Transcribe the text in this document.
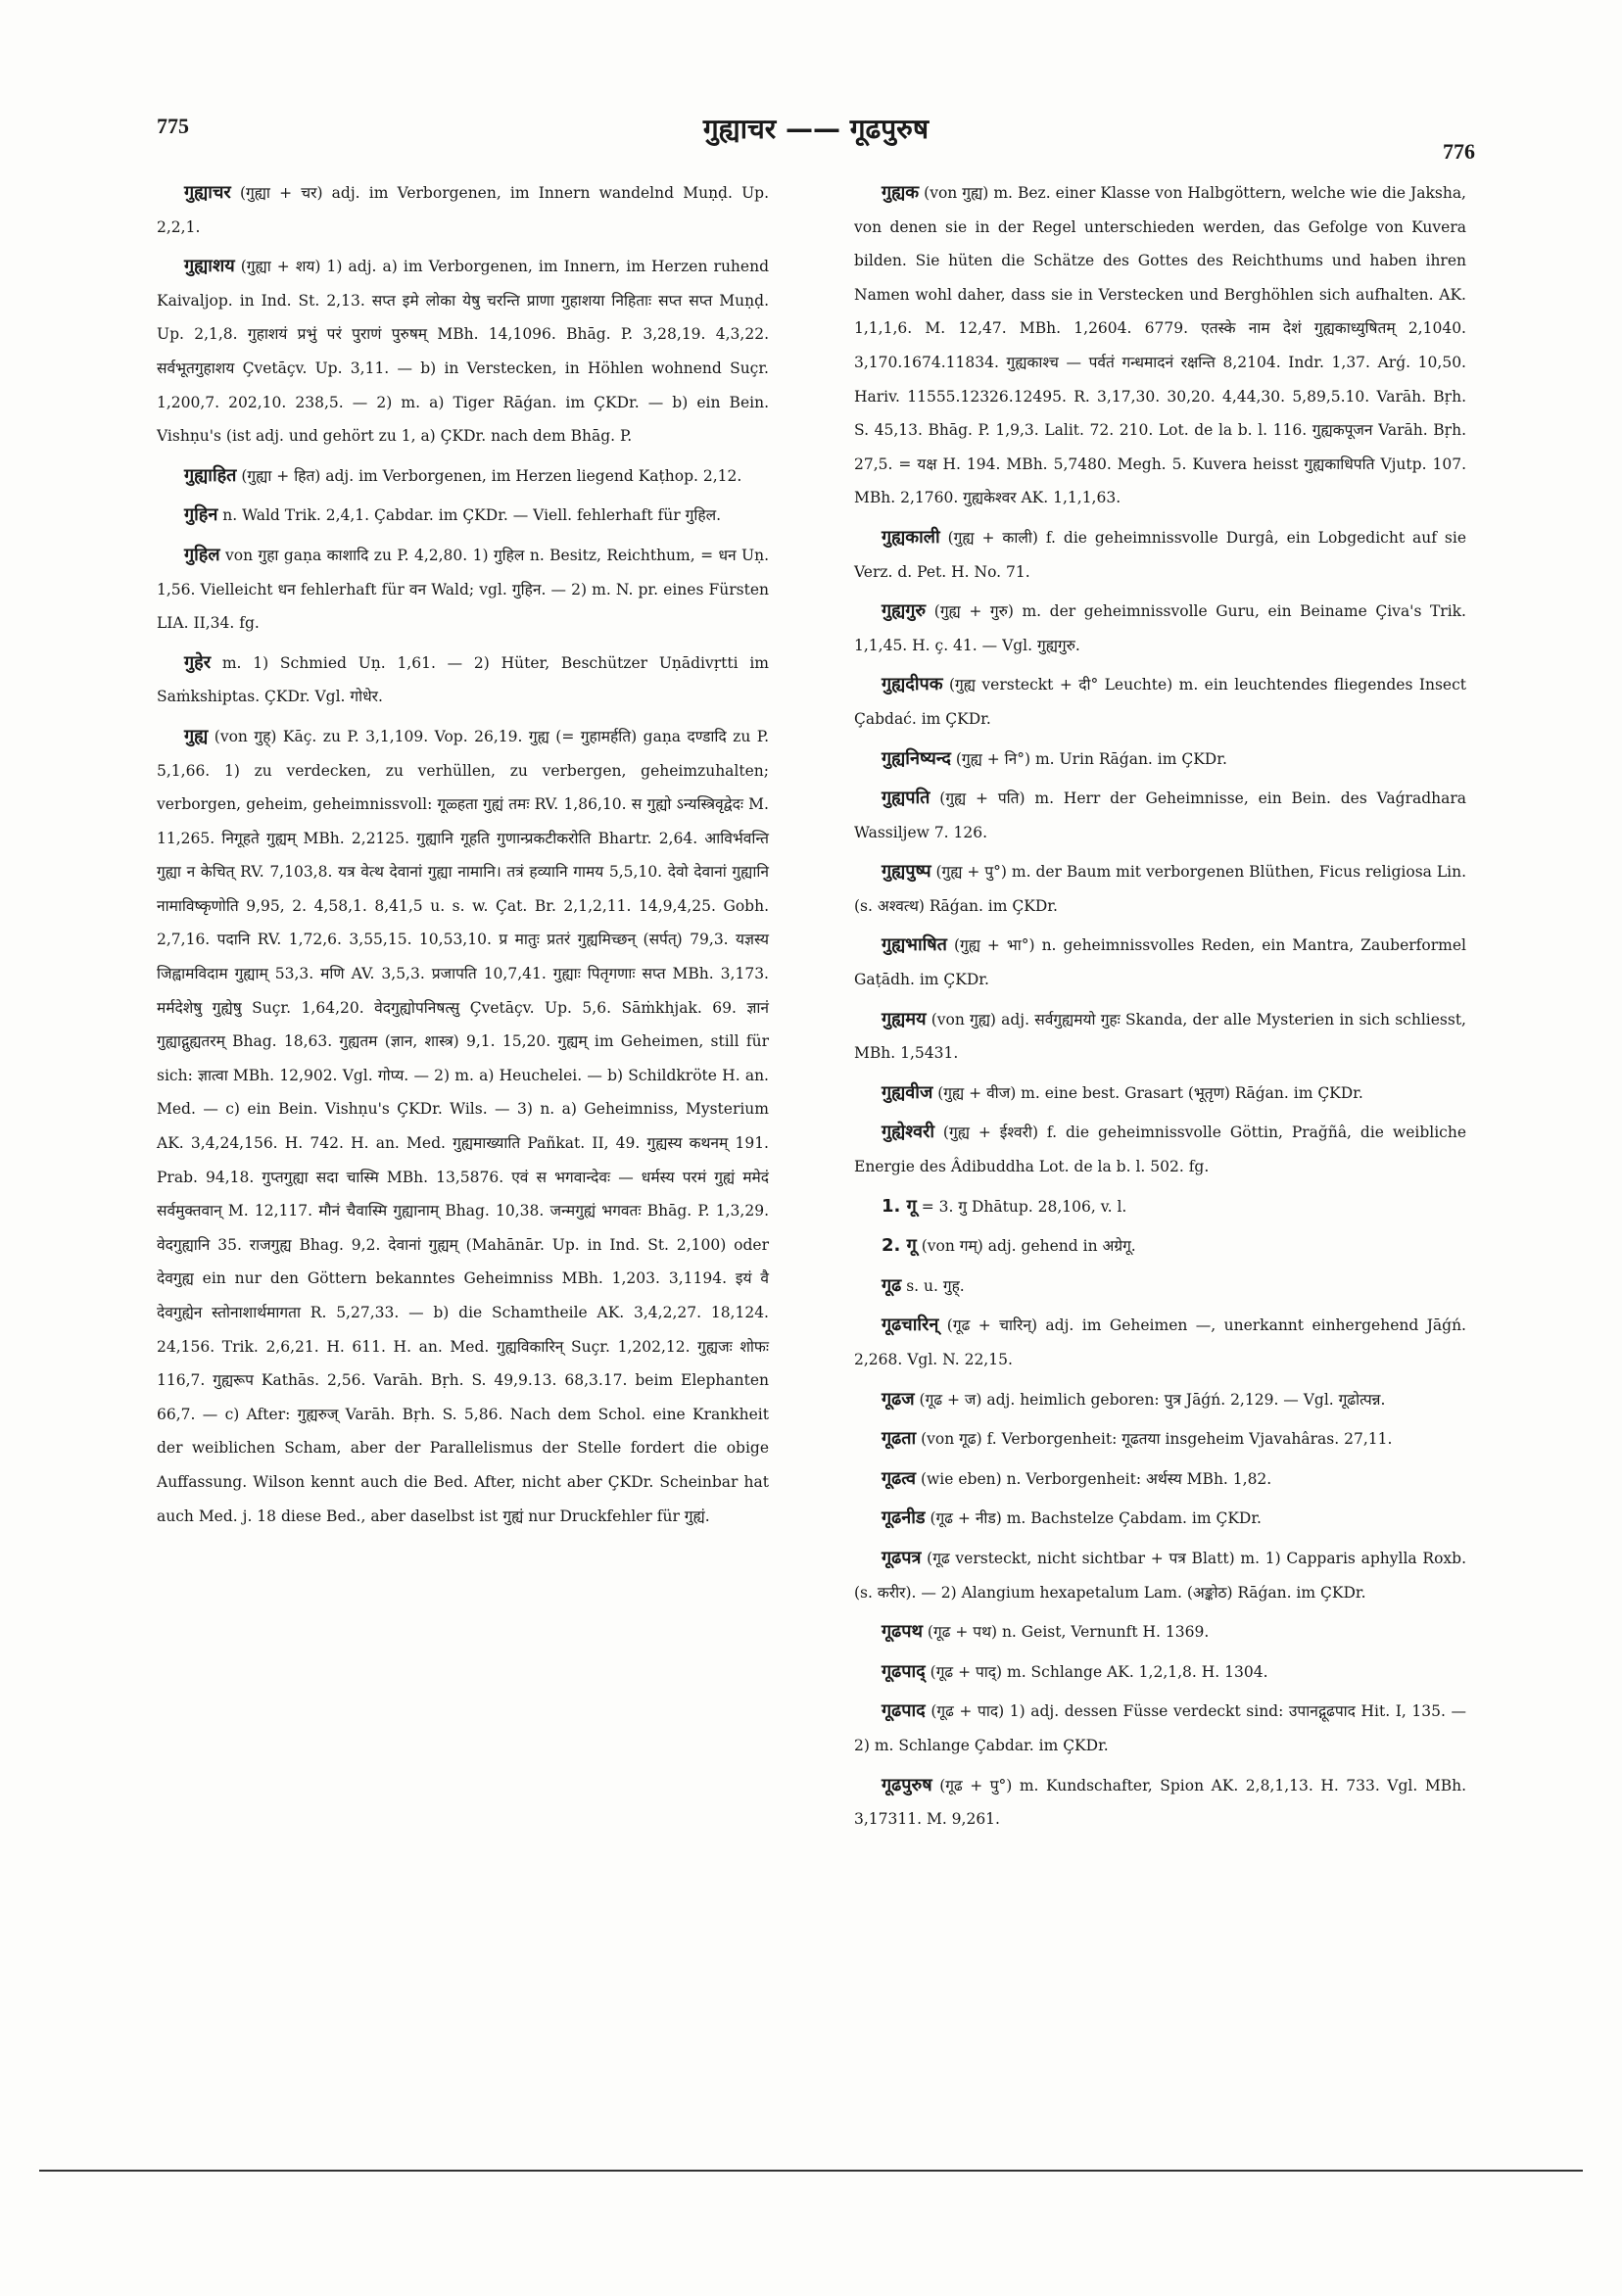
775	गुह्याचर —— गूढपुरुष
776

गुह्याचर (गुह्या + चर) adj. im Verborgenen, im Innern wandelnd Muṇḍ. Up. 2,2,1.

गुह्याशय (गुह्या + शय) 1) adj. a) im Verborgenen, im Innern, im Herzen ruhend Kaivaljop. in Ind. St. 2,13. सप्त इमे लोका येषु चरन्ति प्राणा गुहाशया निहिताः सप्त सप्त Muṇḍ. Up. 2,1,8. गुहाशयं प्रभुं परं पुराणं पुरुषम् MBh. 14,1096. Bhāg. P. 3,28,19. 4,3,22. सर्वभूतगुहाशय Çvetāçv. Up. 3,11. — b) in Verstecken, in Höhlen wohnend Suçr. 1,200,7. 202,10. 238,5. — 2) m. a) Tiger Rāǵan. im ÇKDr. — b) ein Bein. Vishṇu's (ist adj. und gehört zu 1, a) ÇKDr. nach dem Bhāg. P.

गुह्याहित (गुह्या + हित) adj. im Verborgenen, im Herzen liegend Kaṭhop. 2,12.

गुहिन n. Wald Trik. 2,4,1. Çabdar. im ÇKDr. — Viell. fehlerhaft für गुहिल.

गुहिल von गुहा gaṇa काशादि zu P. 4,2,80. 1) गुहिल n. Besitz, Reichthum, = धन Uṇ. 1,56. Vielleicht धन fehlerhaft für वन Wald; vgl. गुहिन. — 2) m. N. pr. eines Fürsten LIA. II,34. fg.

गुहेर m. 1) Schmied Uṇ. 1,61. — 2) Hüter, Beschützer Uṇādivṛtti im Saṁkshiptas. ÇKDr. Vgl. गोधेर.

गुह्य (von गुह्) Kāç. zu P. 3,1,109. Vop. 26,19. गुह्य (= गुहामर्हति) gaṇa दण्डादि zu P. 5,1,66. 1) zu verdecken, zu verhüllen, zu verbergen, geheimzuhalten; verborgen, geheim, geheimnissvoll: गूळ्हता गुह्यं तमः RV. 1,86,10. स गुह्यो ऽन्यस्त्रिवृद्वेदः M. 11,265. निगूहते गुह्यम् MBh. 2,2125. गुह्यानि गूहति गुणान्प्रकटीकरोति Bhartr. 2,64. आविर्भवन्ति गुह्या न केचित् RV. 7,103,8. यत्र वेत्थ देवानां गुह्या नामानि। तत्रं हव्यानि गामय 5,5,10. देवो देवानां गुह्यानि नामाविष्कृणोति 9,95, 2. 4,58,1. 8,41,5 u. s. w. Çat. Br. 2,1,2,11. 14,9,4,25. Gobh. 2,7,16. पदानि RV. 1,72,6. 3,55,15. 10,53,10. प्र मातुः प्रतरं गुह्यमिच्छन् (सर्पत्) 79,3. यज्ञस्य जिह्वामविदाम गुह्याम् 53,3. मणि AV. 3,5,3. प्रजापति 10,7,41. गुह्याः पितृगणाः सप्त MBh. 3,173. मर्मदेशेषु गुह्येषु Suçr. 1,64,20. वेदगुह्योपनिषत्सु Çvetāçv. Up. 5,6. Sāṁkhjak. 69. ज्ञानं गुह्याद्गुह्यतरम् Bhag. 18,63. गुह्यतम (ज्ञान, शास्त्र) 9,1. 15,20. गुह्यम् im Geheimen, still für sich: ज्ञात्वा MBh. 12,902. Vgl. गोप्य. — 2) m. a) Heuchelei. — b) Schildkröte H. an. Med. — c) ein Bein. Vishṇu's ÇKDr. Wils. — 3) n. a) Geheimniss, Mysterium AK. 3,4,24,156. H. 742. H. an. Med. गुह्यमाख्याति Pañkat. II, 49. गुह्यस्य कथनम् 191. Prab. 94,18. गुप्तगुह्या सदा चास्मि MBh. 13,5876. एवं स भगवान्देवः — धर्मस्य परमं गुह्यं ममेदं सर्वमुक्तवान् M. 12,117. मौनं चैवास्मि गुह्यानाम् Bhag. 10,38. जन्मगुह्यं भगवतः Bhāg. P. 1,3,29. वेदगुह्यानि 35. राजगुह्य Bhag. 9,2. देवानां गुह्यम् (Mahānār. Up. in Ind. St. 2,100) oder देवगुह्य ein nur den Göttern bekanntes Geheimniss MBh. 1,203. 3,1194. इयं वै देवगुह्येन स्तोनाशार्थमागता R. 5,27,33. — b) die Schamtheile AK. 3,4,2,27. 18,124. 24,156. Trik. 2,6,21. H. 611. H. an. Med. गुह्यविकारिन् Suçr. 1,202,12. गुह्यजः शोफः 116,7. गुह्यरूप Kathās. 2,56. Varāh. Bṛh. S. 49,9.13. 68,3.17. beim Elephanten 66,7. — c) After: गुह्यरुज् Varāh. Bṛh. S. 5,86. Nach dem Schol. eine Krankheit der weiblichen Scham, aber der Parallelismus der Stelle fordert die obige Auffassung. Wilson kennt auch die Bed. After, nicht aber ÇKDr. Scheinbar hat auch Med. j. 18 diese Bed., aber daselbst ist गुह्यं nur Druckfehler für गुह्यं.

गुह्यक (von गुह्य) m. Bez. einer Klasse von Halbgöttern, welche wie die Jaksha, von denen sie in der Regel unterschieden werden, das Gefolge von Kuvera bilden. Sie hüten die Schätze des Gottes des Reichthums und haben ihren Namen wohl daher, dass sie in Verstecken und Berghöhlen sich aufhalten. AK. 1,1,1,6. M. 12,47. MBh. 1,2604. 6779. एतस्के नाम देशं गुह्यकाध्युषितम् 2,1040. 3,170.1674.11834. गुह्यकाश्च — पर्वतं गन्धमादनं रक्षन्ति 8,2104. Indr. 1,37. Arǵ. 10,50. Hariv. 11555.12326.12495. R. 3,17,30. 30,20. 4,44,30. 5,89,5.10. Varāh. Bṛh. S. 45,13. Bhāg. P. 1,9,3. Lalit. 72. 210. Lot. de la b. l. 116. गुह्यकपूजन Varāh. Bṛh. 27,5. = यक्ष H. 194. MBh. 5,7480. Megh. 5. Kuvera heisst गुह्यकाधिपति Vjutp. 107. MBh. 2,1760. गुह्यकेश्वर AK. 1,1,1,63.

गुह्यकाली (गुह्य + काली) f. die geheimnissvolle Durgâ, ein Lobgedicht auf sie Verz. d. Pet. H. No. 71.

गुह्यगुरु (गुह्य + गुरु) m. der geheimnissvolle Guru, ein Beiname Çiva's Trik. 1,1,45. H. ç. 41. — Vgl. गुह्यगुरु.

गुह्यदीपक (गुह्य versteckt + दी° Leuchte) m. ein leuchtendes fliegendes Insect Çabdać. im ÇKDr.

गुह्यनिष्यन्द (गुह्य + नि°) m. Urin Rāǵan. im ÇKDr.

गुह्यपति (गुह्य + पति) m. Herr der Geheimnisse, ein Bein. des Vaǵradhara Wassiljew 7. 126.

गुह्यपुष्प (गुह्य + पु°) m. der Baum mit verborgenen Blüthen, Ficus religiosa Lin. (s. अश्वत्थ) Rāǵan. im ÇKDr.

गुह्यभाषित (गुह्य + भा°) n. geheimnissvolles Reden, ein Mantra, Zauberformel Gaṭādh. im ÇKDr.

गुह्यमय (von गुह्य) adj. सर्वगुह्यमयो गुहः Skanda, der alle Mysterien in sich schliesst, MBh. 1,5431.

गुह्यवीज (गुह्य + वीज) m. eine best. Grasart (भूतृण) Rāǵan. im ÇKDr.

गुह्येश्वरी (गुह्य + ईश्वरी) f. die geheimnissvolle Göttin, Prağñâ, die weibliche Energie des Âdibuddha Lot. de la b. l. 502. fg.

1. गू = 3. गु Dhātup. 28,106, v. l.

2. गू (von गम्) adj. gehend in अग्रेगू.

गूढ s. u. गुह्.

गूढचारिन् (गूढ + चारिन्) adj. im Geheimen —, unerkannt einhergehend Jāǵń. 2,268. Vgl. N. 22,15.

गूढज (गूढ + ज) adj. heimlich geboren: पुत्र Jāǵń. 2,129. — Vgl. गूढोत्पन्न.

गूढता (von गूढ) f. Verborgenheit: गूढतया insgeheim Vjavahâras. 27,11.

गूढत्व (wie eben) n. Verborgenheit: अर्थस्य MBh. 1,82.

गूढनीड (गूढ + नीड) m. Bachstelze Çabdam. im ÇKDr.

गूढपत्र (गूढ versteckt, nicht sichtbar + पत्र Blatt) m. 1) Capparis aphylla Roxb. (s. करीर). — 2) Alangium hexapetalum Lam. (अङ्कोठ) Rāǵan. im ÇKDr.

गूढपथ (गूढ + पथ) n. Geist, Vernunft H. 1369.

गूढपाद् (गूढ + पाद्) m. Schlange AK. 1,2,1,8. H. 1304.

गूढपाद (गूढ + पाद) 1) adj. dessen Füsse verdeckt sind: उपानद्गूढपाद Hit. I, 135. — 2) m. Schlange Çabdar. im ÇKDr.

गूढपुरुष (गूढ + पु°) m. Kundschafter, Spion AK. 2,8,1,13. H. 733. Vgl. MBh. 3,17311. M. 9,261.
